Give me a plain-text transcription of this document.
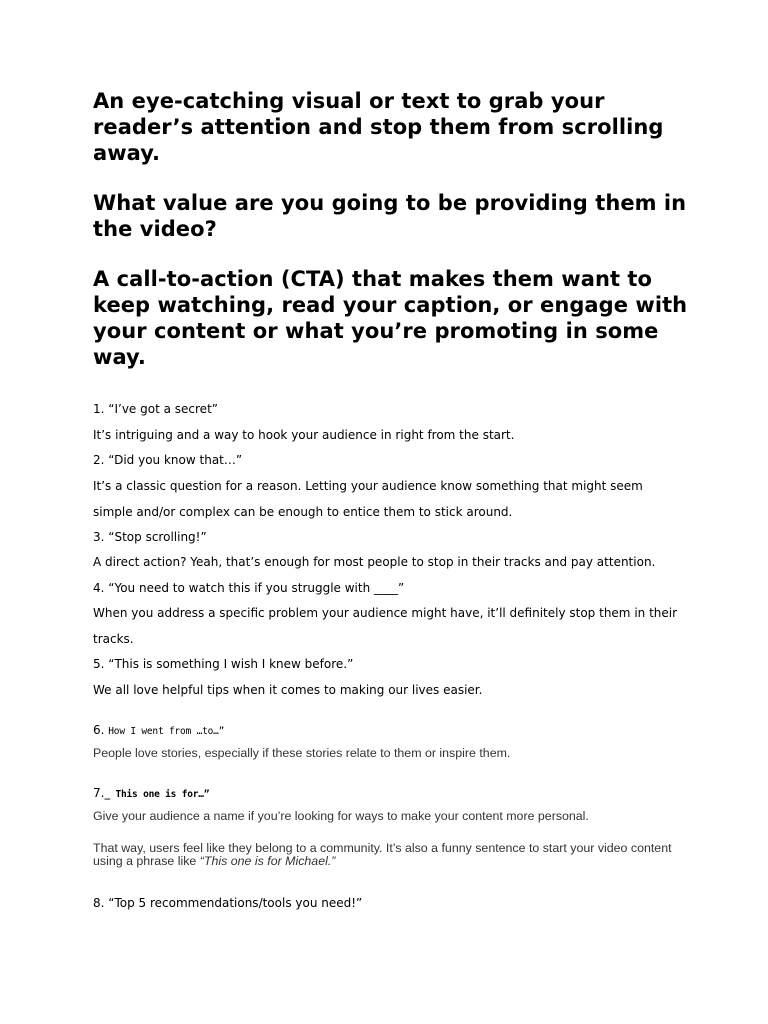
An eye-catching visual or text to grab your reader’s attention and stop them from scrolling away.

What value are you going to be providing them in the video?

A call-to-action (CTA) that makes them want to keep watching, read your caption, or engage with your content or what you’re promoting in some way.

1. “I’ve got a secret”

It’s intriguing and a way to hook your audience in right from the start.

2. “Did you know that…”

It’s a classic question for a reason. Letting your audience know something that might seem simple and/or complex can be enough to entice them to stick around.

3. “Stop scrolling!”

A direct action? Yeah, that’s enough for most people to stop in their tracks and pay attention.

4. “You need to watch this if you struggle with ____”

When you address a specific problem your audience might have, it’ll definitely stop them in their tracks.

5. “This is something I wish I knew before.”

We all love helpful tips when it comes to making our lives easier.

6. How I went from …to…”

People love stories, especially if these stories relate to them or inspire them.

7._ This one is for…”

Give your audience a name if you’re looking for ways to make your content more personal.

That way, users feel like they belong to a community. It’s also a funny sentence to start your video content using a phrase like “This one is for Michael.”

8. “Top 5 recommendations/tools you need!”
